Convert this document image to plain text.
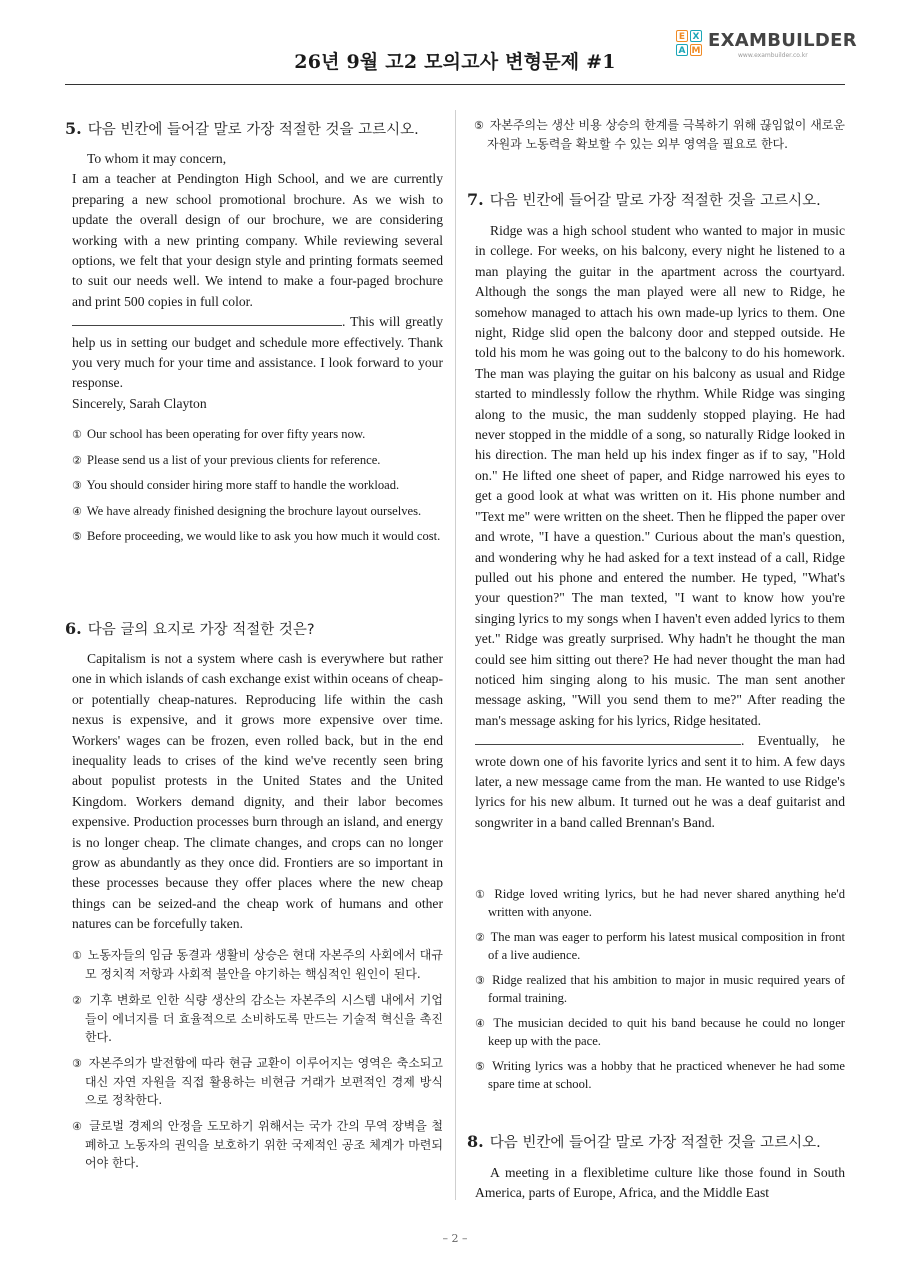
26년 9월 고2 모의고사 변형문제 #1
E X
A M EXAMBUILDER
www.exambuilder.co.kr
5. 다음 빈칸에 들어갈 말로 가장 적절한 것을 고르시오.

To whom it may concern,

I am a teacher at Pendington High School, and we are currently preparing a new school promotional brochure. As we wish to update the overall design of our brochure, we are considering working with a new printing company. While reviewing several options, we felt that your design style and printing formats seemed to suit our needs well. We intend to make a four-paged brochure and print 500 copies in full color.

. This will greatly help us in setting our budget and schedule more effectively. Thank you very much for your time and assistance. I look forward to your response.

Sincerely, Sarah Clayton

① Our school has been operating for over fifty years now.
② Please send us a list of your previous clients for reference.
③ You should consider hiring more staff to handle the workload.
④ We have already finished designing the brochure layout ourselves.
⑤ Before proceeding, we would like to ask you how much it would cost.
6. 다음 글의 요지로 가장 적절한 것은?

Capitalism is not a system where cash is everywhere but rather one in which islands of cash exchange exist within oceans of cheap-or potentially cheap-natures. Reproducing life within the cash nexus is expensive, and it grows more expensive over time. Workers' wages can be frozen, even rolled back, but in the end inequality leads to crises of the kind we've recently seen bring about populist protests in the United States and the United Kingdom. Workers demand dignity, and their labor becomes expensive. Production processes burn through an island, and energy is no longer cheap. The climate changes, and crops can no longer grow as abundantly as they once did. Frontiers are so important in these processes because they offer places where the new cheap things can be seized-and the cheap work of humans and other natures can be forcefully taken.

① 노동자들의 임금 동결과 생활비 상승은 현대 자본주의 사회에서 대규모 정치적 저항과 사회적 불안을 야기하는 핵심적인 원인이 된다.
② 기후 변화로 인한 식량 생산의 감소는 자본주의 시스템 내에서 기업들이 에너지를 더 효율적으로 소비하도록 만드는 기술적 혁신을 촉진한다.
③ 자본주의가 발전함에 따라 현금 교환이 이루어지는 영역은 축소되고 대신 자연 자원을 직접 활용하는 비현금 거래가 보편적인 경제 방식으로 정착한다.
④ 글로벌 경제의 안정을 도모하기 위해서는 국가 간의 무역 장벽을 철폐하고 노동자의 권익을 보호하기 위한 국제적인 공조 체계가 마련되어야 한다.
⑤ 자본주의는 생산 비용 상승의 한계를 극복하기 위해 끊임없이 새로운 자원과 노동력을 확보할 수 있는 외부 영역을 필요로 한다.
7. 다음 빈칸에 들어갈 말로 가장 적절한 것을 고르시오.

Ridge was a high school student who wanted to major in music in college. For weeks, on his balcony, every night he listened to a man playing the guitar in the apartment across the courtyard. Although the songs the man played were all new to Ridge, he somehow managed to attach his own made-up lyrics to them. One night, Ridge slid open the balcony door and stepped outside. He told his mom he was going out to the balcony to do his homework. The man was playing the guitar on his balcony as usual and Ridge started to mindlessly follow the rhythm. While Ridge was singing along to the music, the man suddenly stopped playing. He had never stopped in the middle of a song, so naturally Ridge looked in his direction. The man held up his index finger as if to say, "Hold on." He lifted one sheet of paper, and Ridge narrowed his eyes to get a good look at what was written on it. His phone number and "Text me" were written on the sheet. Then he flipped the paper over and wrote, "I have a question." Curious about the man's question, and wondering why he had asked for a text instead of a call, Ridge pulled out his phone and entered the number. He typed, "What's your question?" The man texted, "I want to know how you're singing lyrics to my songs when I haven't even added lyrics to them yet." Ridge was greatly surprised. Why hadn't he thought the man could see him sitting out there? He had never thought the man had noticed him singing along to his music. The man sent another message asking, "Will you send them to me?" After reading the man's message asking for his lyrics, Ridge hesitated.

. Eventually, he wrote down one of his favorite lyrics and sent it to him. A few days later, a new message came from the man. He wanted to use Ridge's lyrics for his new album. It turned out he was a deaf guitarist and songwriter in a band called Brennan's Band.

① Ridge loved writing lyrics, but he had never shared anything he'd written with anyone.
② The man was eager to perform his latest musical composition in front of a live audience.
③ Ridge realized that his ambition to major in music required years of formal training.
④ The musician decided to quit his band because he could no longer keep up with the pace.
⑤ Writing lyrics was a hobby that he practiced whenever he had some spare time at school.
8. 다음 빈칸에 들어갈 말로 가장 적절한 것을 고르시오.

A meeting in a flexibletime culture like those found in South America, parts of Europe, Africa, and the Middle East

– 2 –
